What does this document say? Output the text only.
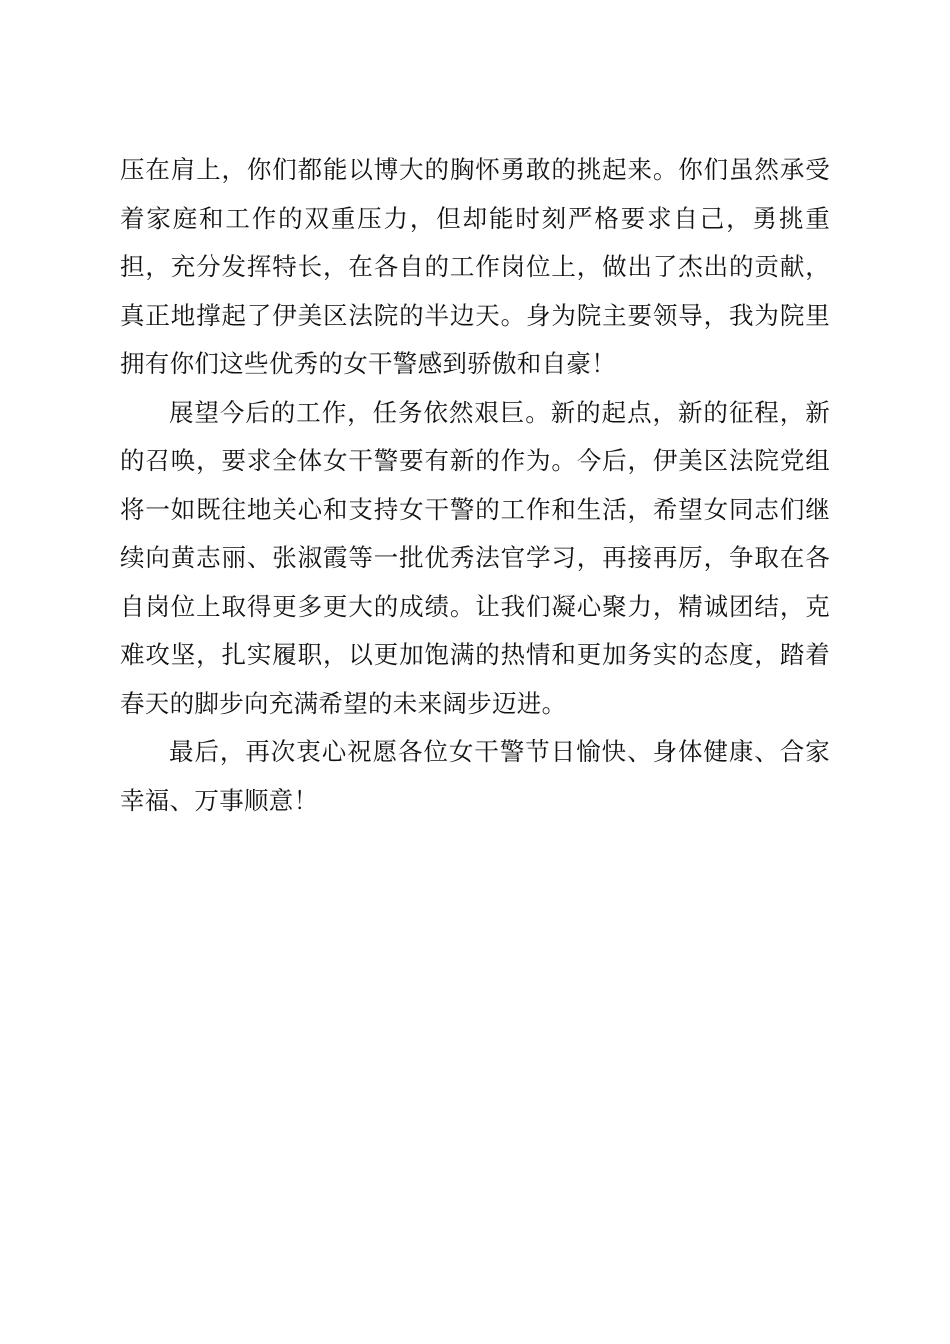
压在肩上，你们都能以博大的胸怀勇敢的挑起来。你们虽然承受着家庭和工作的双重压力，但却能时刻严格要求自己，勇挑重担，充分发挥特长，在各自的工作岗位上，做出了杰出的贡献，真正地撑起了伊美区法院的半边天。身为院主要领导，我为院里拥有你们这些优秀的女干警感到骄傲和自豪！

展望今后的工作，任务依然艰巨。新的起点，新的征程，新的召唤，要求全体女干警要有新的作为。今后，伊美区法院党组将一如既往地关心和支持女干警的工作和生活，希望女同志们继续向黄志丽、张淑霞等一批优秀法官学习，再接再厉，争取在各自岗位上取得更多更大的成绩。让我们凝心聚力，精诚团结，克难攻坚，扎实履职，以更加饱满的热情和更加务实的态度，踏着春天的脚步向充满希望的未来阔步迈进。

最后，再次衷心祝愿各位女干警节日愉快、身体健康、合家幸福、万事顺意！
